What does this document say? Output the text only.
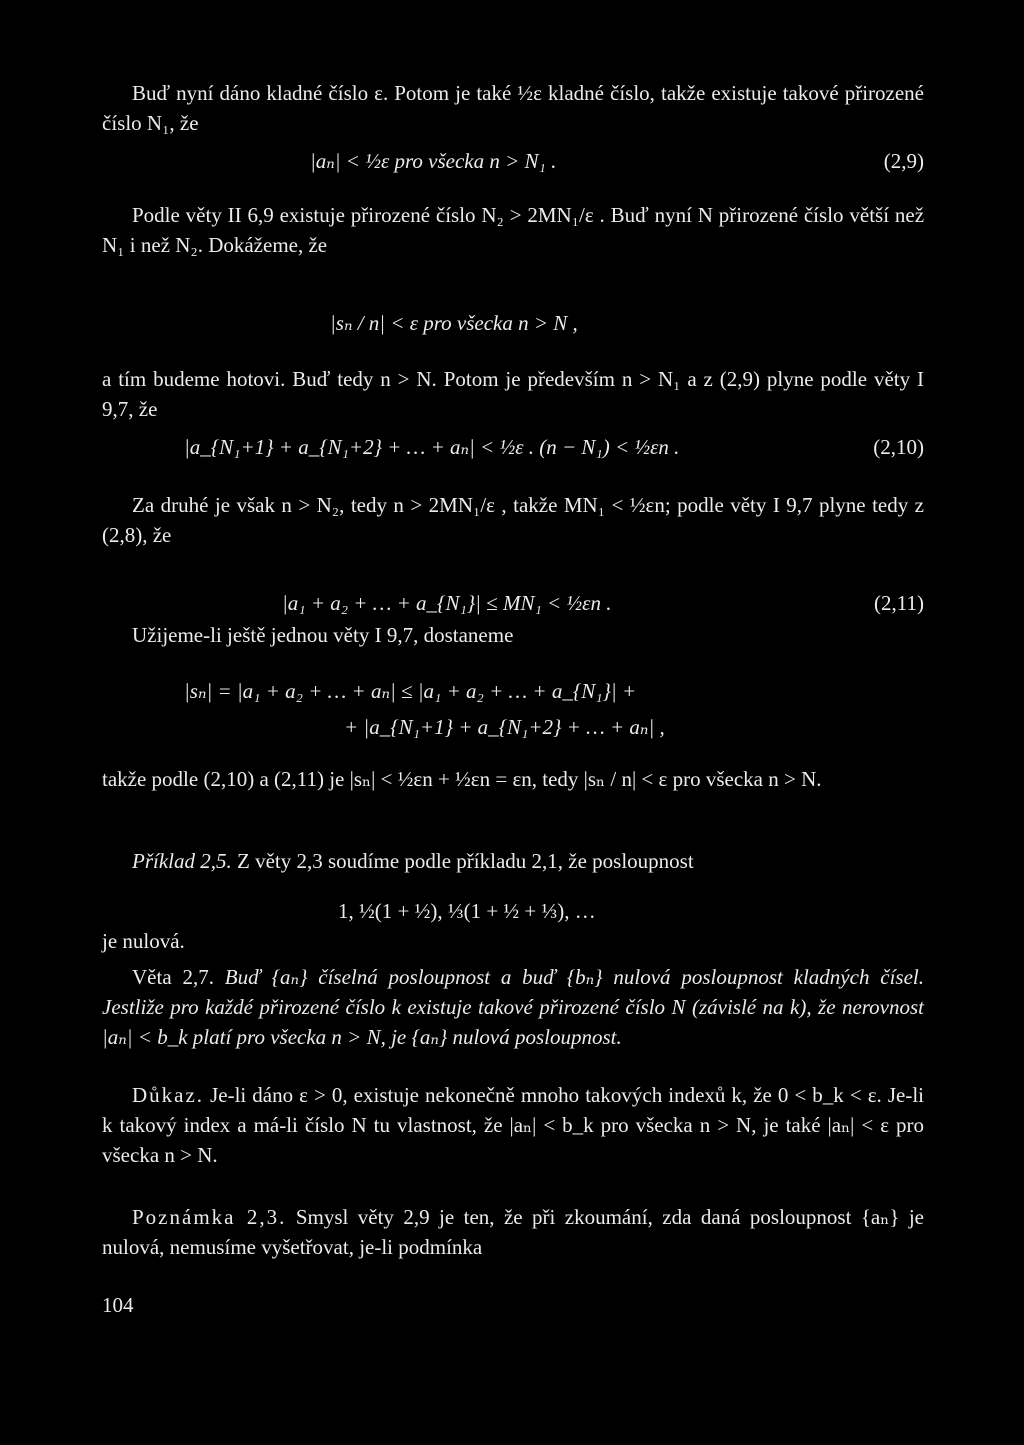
Buď nyní dáno kladné číslo ε. Potom je také ½ε kladné číslo, takže existuje takové přirozené číslo N₁, že
|aₙ| < ½ε pro všecka n > N₁ .	(2,9)
Podle věty II 6,9 existuje přirozené číslo N₂ > 2MN₁/ε . Buď nyní N přirozené číslo větší než N₁ i než N₂. Dokážeme, že
|sₙ / n| < ε pro všecka n > N ,
a tím budeme hotovi. Buď tedy n > N. Potom je především n > N₁ a z (2,9) plyne podle věty I 9,7, že
|a_{N₁+1} + a_{N₁+2} + … + aₙ| < ½ε . (n − N₁) < ½εn .	(2,10)
Za druhé je však n > N₂, tedy n > 2MN₁/ε , takže MN₁ < ½εn; podle věty I 9,7 plyne tedy z (2,8), že
|a₁ + a₂ + … + a_{N₁}| ≤ MN₁ < ½εn .	(2,11)
Užijeme-li ještě jednou věty I 9,7, dostaneme
|sₙ| = |a₁ + a₂ + … + aₙ| ≤ |a₁ + a₂ + … + a_{N₁}| +
+ |a_{N₁+1} + a_{N₁+2} + … + aₙ| ,
takže podle (2,10) a (2,11) je |sₙ| < ½εn + ½εn = εn, tedy |sₙ / n| < ε pro všecka n > N.
Příklad 2,5. Z věty 2,3 soudíme podle příkladu 2,1, že posloupnost
1, ½(1 + ½), ⅓(1 + ½ + ⅓), …
je nulová.
Věta 2,7. Buď {aₙ} číselná posloupnost a buď {bₙ} nulová posloupnost kladných čísel. Jestliže pro každé přirozené číslo k existuje takové přirozené číslo N (závislé na k), že nerovnost |aₙ| < b_k platí pro všecka n > N, je {aₙ} nulová posloupnost.
Důkaz. Je-li dáno ε > 0, existuje nekonečně mnoho takových indexů k, že 0 < b_k < ε. Je-li k takový index a má-li číslo N tu vlastnost, že |aₙ| < b_k pro všecka n > N, je také |aₙ| < ε pro všecka n > N.
Poznámka 2,3. Smysl věty 2,9 je ten, že při zkoumání, zda daná posloupnost {aₙ} je nulová, nemusíme vyšetřovat, je-li podmínka
104
